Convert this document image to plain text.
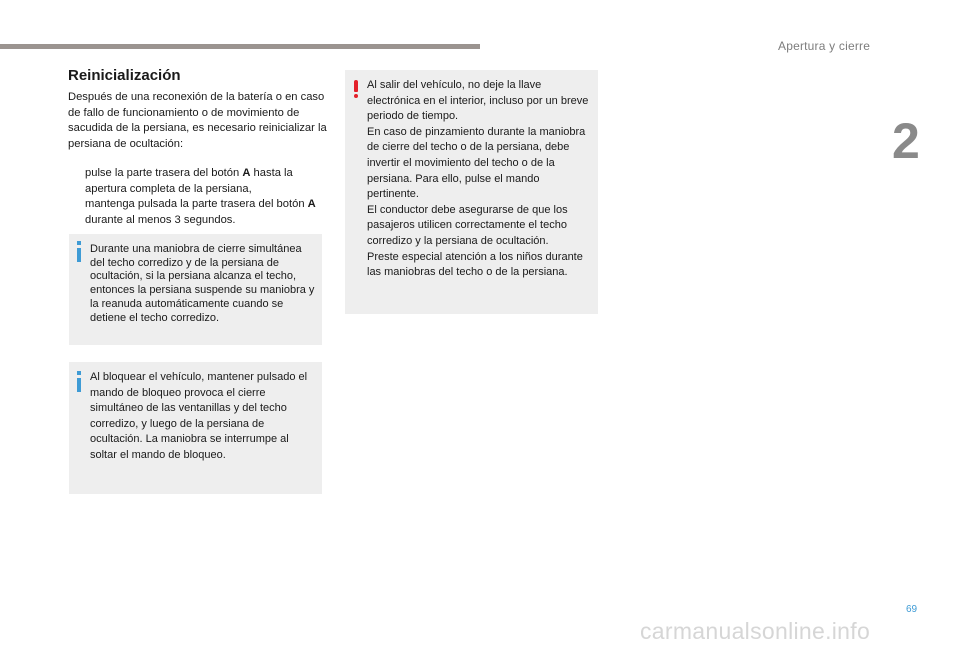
Apertura y cierre
2
Reinicialización

Después de una reconexión de la batería o en caso de fallo de funcionamiento o de movimiento de sacudida de la persiana, es necesario reinicializar la persiana de ocultación:

pulse la parte trasera del botón A hasta la apertura completa de la persiana,
mantenga pulsada la parte trasera del botón A durante al menos 3 segundos.

Durante una maniobra de cierre simultánea del techo corredizo y de la persiana de ocultación, si la persiana alcanza el techo, entonces la persiana suspende su maniobra y la reanuda automáticamente cuando se detiene el techo corredizo.

Al bloquear el vehículo, mantener pulsado el mando de bloqueo provoca el cierre simultáneo de las ventanillas y del techo corredizo, y luego de la persiana de ocultación. La maniobra se interrumpe al soltar el mando de bloqueo.

Al salir del vehículo, no deje la llave electrónica en el interior, incluso por un breve periodo de tiempo.
En caso de pinzamiento durante la maniobra de cierre del techo o de la persiana, debe invertir el movimiento del techo o de la persiana. Para ello, pulse el mando pertinente.
El conductor debe asegurarse de que los pasajeros utilicen correctamente el techo corredizo y la persiana de ocultación.
Preste especial atención a los niños durante las maniobras del techo o de la persiana.
69
carmanualsonline.info
